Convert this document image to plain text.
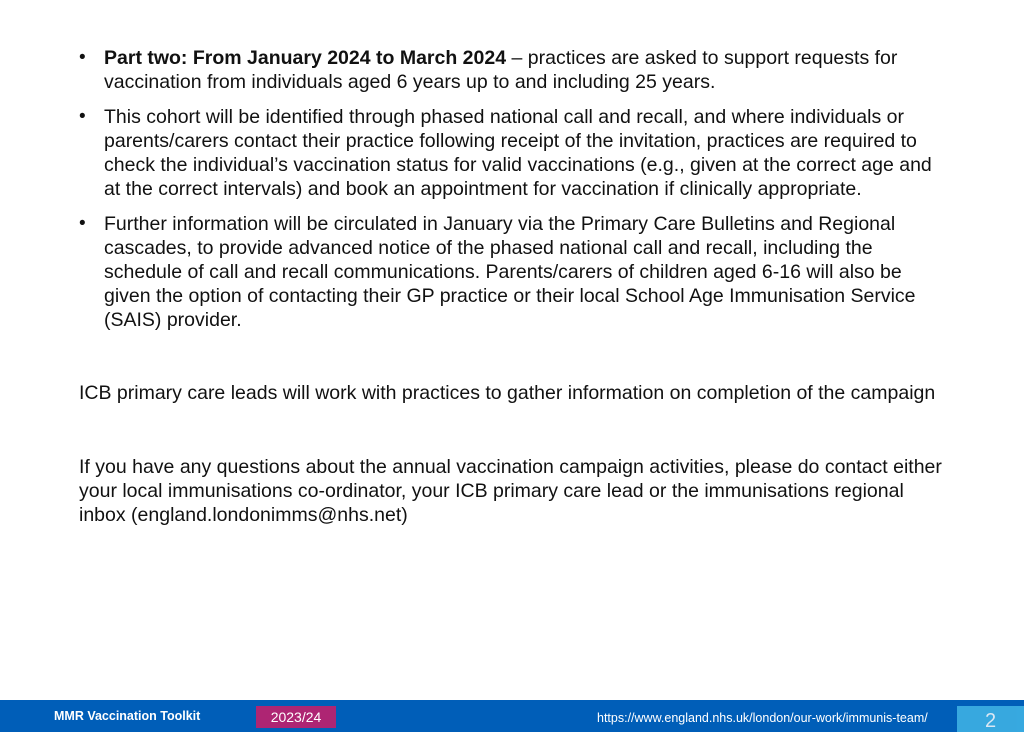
• Part two: From January 2024 to March 2024 – practices are asked to support requests for vaccination from individuals aged 6 years up to and including 25 years.
• This cohort will be identified through phased national call and recall, and where individuals or parents/carers contact their practice following receipt of the invitation, practices are required to check the individual’s vaccination status for valid vaccinations (e.g., given at the correct age and at the correct intervals) and book an appointment for vaccination if clinically appropriate.
• Further information will be circulated in January via the Primary Care Bulletins and Regional cascades, to provide advanced notice of the phased national call and recall, including the schedule of call and recall communications. Parents/carers of children aged 6-16 will also be given the option of contacting their GP practice or their local School Age Immunisation Service (SAIS) provider.

ICB primary care leads will work with practices to gather information on completion of the campaign

If you have any questions about the annual vaccination campaign activities, please do contact either your local immunisations co-ordinator, your ICB primary care lead or the immunisations regional inbox (england.londonimms@nhs.net)

MMR Vaccination Toolkit	2023/24	https://www.england.nhs.uk/london/our-work/immunis-team/	2
